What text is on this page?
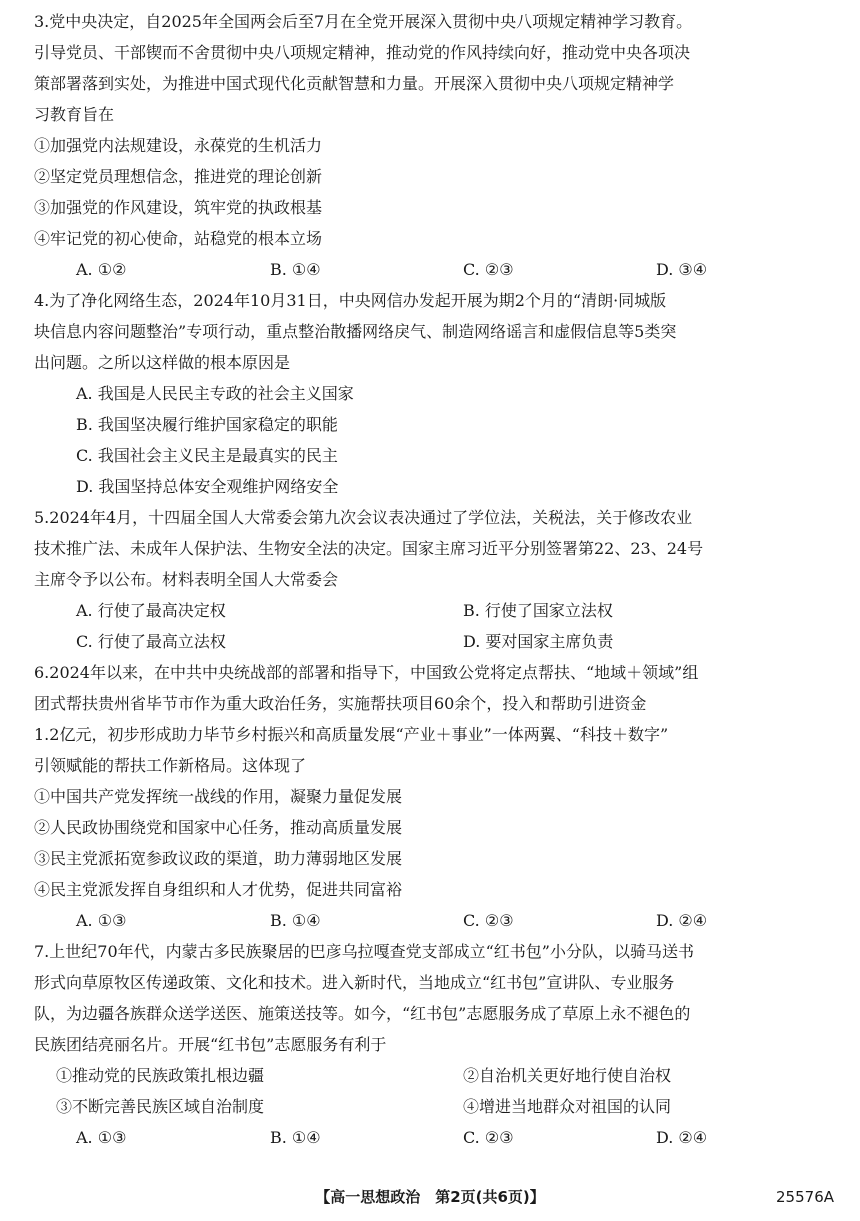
3.党中央决定，自2025年全国两会后至7月在全党开展深入贯彻中央八项规定精神学习教育。
引导党员、干部锲而不舍贯彻中央八项规定精神，推动党的作风持续向好，推动党中央各项决
策部署落到实处，为推进中国式现代化贡献智慧和力量。开展深入贯彻中央八项规定精神学
习教育旨在
①加强党内法规建设，永葆党的生机活力
②坚定党员理想信念，推进党的理论创新
③加强党的作风建设，筑牢党的执政根基
④牢记党的初心使命，站稳党的根本立场
A. ①②	B. ①④	C. ②③	D. ③④
4.为了净化网络生态，2024年10月31日，中央网信办发起开展为期2个月的“清朗·同城版
块信息内容问题整治”专项行动，重点整治散播网络戾气、制造网络谣言和虚假信息等5类突
出问题。之所以这样做的根本原因是
A. 我国是人民民主专政的社会主义国家
B. 我国坚决履行维护国家稳定的职能
C. 我国社会主义民主是最真实的民主
D. 我国坚持总体安全观维护网络安全
5.2024年4月，十四届全国人大常委会第九次会议表决通过了学位法，关税法，关于修改农业
技术推广法、未成年人保护法、生物安全法的决定。国家主席习近平分别签署第22、23、24号
主席令予以公布。材料表明全国人大常委会
A. 行使了最高决定权	B. 行使了国家立法权
C. 行使了最高立法权	D. 要对国家主席负责
6.2024年以来，在中共中央统战部的部署和指导下，中国致公党将定点帮扶、“地域＋领域”组
团式帮扶贵州省毕节市作为重大政治任务，实施帮扶项目60余个，投入和帮助引进资金
1.2亿元，初步形成助力毕节乡村振兴和高质量发展“产业＋事业”一体两翼、“科技＋数字”
引领赋能的帮扶工作新格局。这体现了
①中国共产党发挥统一战线的作用，凝聚力量促发展
②人民政协围绕党和国家中心任务，推动高质量发展
③民主党派拓宽参政议政的渠道，助力薄弱地区发展
④民主党派发挥自身组织和人才优势，促进共同富裕
A. ①③	B. ①④	C. ②③	D. ②④
7.上世纪70年代，内蒙古多民族聚居的巴彦乌拉嘎查党支部成立“红书包”小分队，以骑马送书
形式向草原牧区传递政策、文化和技术。进入新时代，当地成立“红书包”宣讲队、专业服务
队，为边疆各族群众送学送医、施策送技等。如今，“红书包”志愿服务成了草原上永不褪色的
民族团结亮丽名片。开展“红书包”志愿服务有利于
①推动党的民族政策扎根边疆	②自治机关更好地行使自治权
③不断完善民族区域自治制度	④增进当地群众对祖国的认同
A. ①③	B. ①④	C. ②③	D. ②④
【高一思想政治　第2页(共6页)】	25576A
